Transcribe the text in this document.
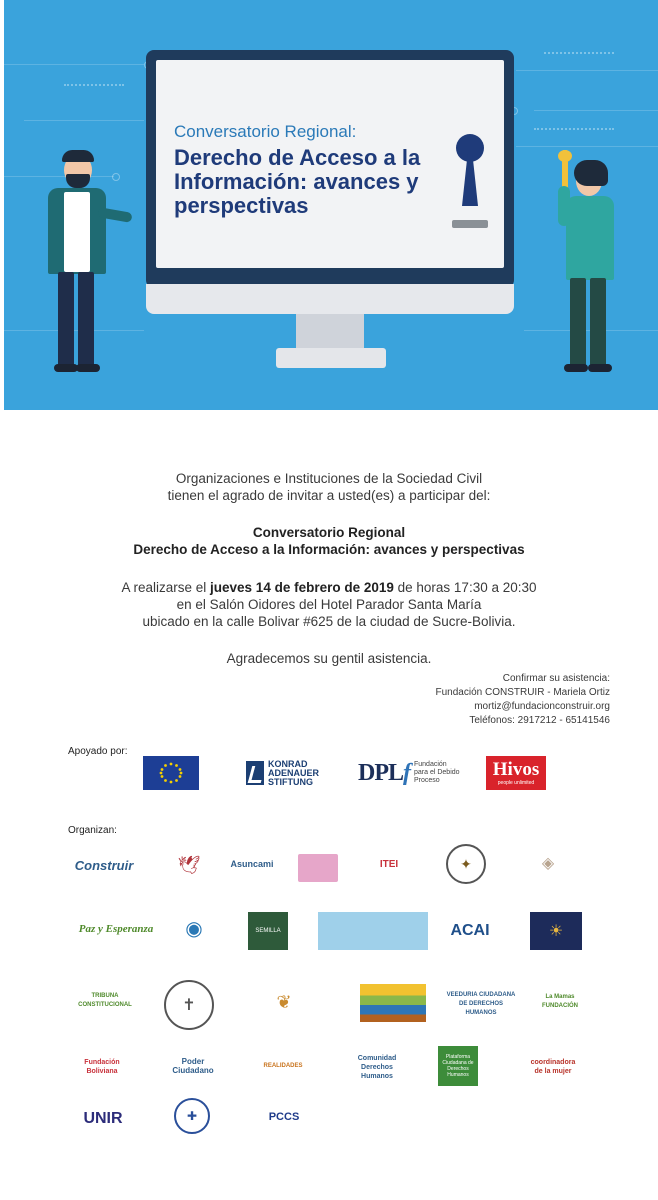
Conversatorio Regional:
Derecho de Acceso a la Información: avances y perspectivas
Organizaciones e Instituciones de la Sociedad Civil
tienen el agrado de invitar a usted(es) a participar del:
Conversatorio Regional
Derecho de Acceso a la Información: avances y perspectivas
A realizarse el jueves 14 de febrero de 2019 de horas 17:30 a 20:30
en el Salón Oidores del Hotel Parador Santa María
ubicado en la calle Bolivar #625 de la ciudad de Sucre-Bolivia.
Agradecemos su gentil asistencia.
Confirmar su asistencia:
Fundación CONSTRUIR - Mariela Ortiz
mortiz@fundacionconstruir.org
Teléfonos: 2917212 - 65141546
Apoyado por:
KONRAD
ADENAUER
STIFTUNG DPLf Fundación para el Debido Proceso
Hivos
people unlimited
Organizan:
Construir 🕊	Asuncami	ITEI	✦	◈
Paz y Esperanza ◉	SEMILLA	ACAI	☀
TRIBUNA CONSTITUCIONAL	✝	❦	VEEDURIA CIUDADANA DE DERECHOS HUMANOS
La Mamas FUNDACIÓN
Fundación Boliviana
Poder Ciudadano
REALIDADES
Comunidad Derechos Humanos
Plataforma Ciudadana de Derechos Humanos
coordinadora de la mujer
UNIR	✚	PCCS
